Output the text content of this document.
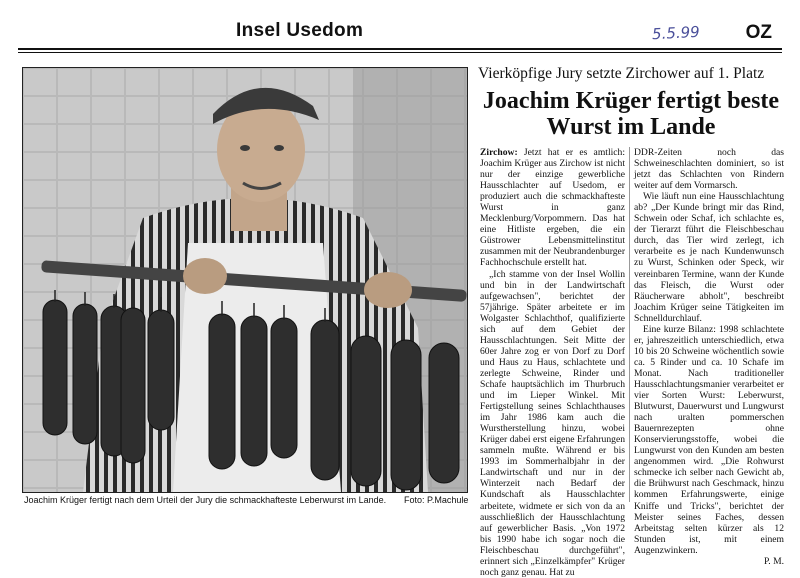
Insel Usedom	5.5.99 OZ
Joachim Krüger fertigt nach dem Urteil der Jury die schmackhafteste Leberwurst im Lande. Foto: P.Machule
Vierköpfige Jury setzte Zirchower auf 1. Platz
Joachim Krüger fertigt beste Wurst im Lande

Zirchow: Jetzt hat er es amtlich: Joachim Krüger aus Zirchow ist nicht nur der einzige gewerbliche Hausschlachter auf Usedom, er produziert auch die schmackhafteste Wurst in ganz Mecklenburg/Vorpommern. Das hat eine Hitliste ergeben, die ein Güstrower Lebensmittelinstitut zusammen mit der Neubrandenburger Fachhochschule erstellt hat.

„Ich stamme von der Insel Wollin und bin in der Landwirtschaft aufgewachsen", berichtet der 57jährige. Später arbeitete er im Wolgaster Schlachthof, qualifizierte sich auf dem Gebiet der Hausschlachtungen. Seit Mitte der 60er Jahre zog er von Dorf zu Dorf und Haus zu Haus, schlachtete und zerlegte Schweine, Rinder und Schafe hauptsächlich im Thurbruch und im Lieper Winkel. Mit Fertigstellung seines Schlachthauses im Jahr 1986 kam auch die Wurstherstellung hinzu, wobei Krüger dabei erst eigene Erfahrungen sammeln mußte. Während er bis 1993 im Sommerhalbjahr in der Landwirtschaft und nur in der Winterzeit nach Bedarf der Kundschaft als Hausschlachter arbeitete, widmete er sich von da an ausschließlich der Hausschlachtung auf gewerblicher Basis. „Von 1972 bis 1990 habe ich sogar noch die Fleischbeschau durchgeführt", erinnert sich „Einzelkämpfer" Krüger noch ganz genau. Hat zu

DDR-Zeiten noch das Schweineschlachten dominiert, so ist jetzt das Schlachten von Rindern weiter auf dem Vormarsch.

Wie läuft nun eine Hausschlachtung ab? „Der Kunde bringt mir das Rind, Schwein oder Schaf, ich schlachte es, der Tierarzt führt die Fleischbeschau durch, das Tier wird zerlegt, ich verarbeite es je nach Kundenwunsch zu Wurst, Schinken oder Speck, wir vereinbaren Termine, wann der Kunde das Fleisch, die Wurst oder Räucherware abholt", beschreibt Joachim Krüger seine Tätigkeiten im Schnelldurchlauf.

Eine kurze Bilanz: 1998 schlachtete er, jahreszeitlich unterschiedlich, etwa 10 bis 20 Schweine wöchentlich sowie ca. 5 Rinder und ca. 10 Schafe im Monat. Nach traditioneller Hausschlachtungsmanier verarbeitet er vier Sorten Wurst: Leberwurst, Blutwurst, Dauerwurst und Lungwurst nach uralten pommerschen Bauernrezepten ohne Konservierungsstoffe, wobei die Lungwurst von den Kunden am besten angenommen wird. „Die Rohwurst schmecke ich selber nach Gewicht ab, die Brühwurst nach Geschmack, hinzu kommen Erfahrungswerte, einige Kniffe und Tricks", berichtet der Meister seines Faches, dessen Arbeitstag selten kürzer als 12 Stunden ist, mit einem Augenzwinkern.

P. M.
